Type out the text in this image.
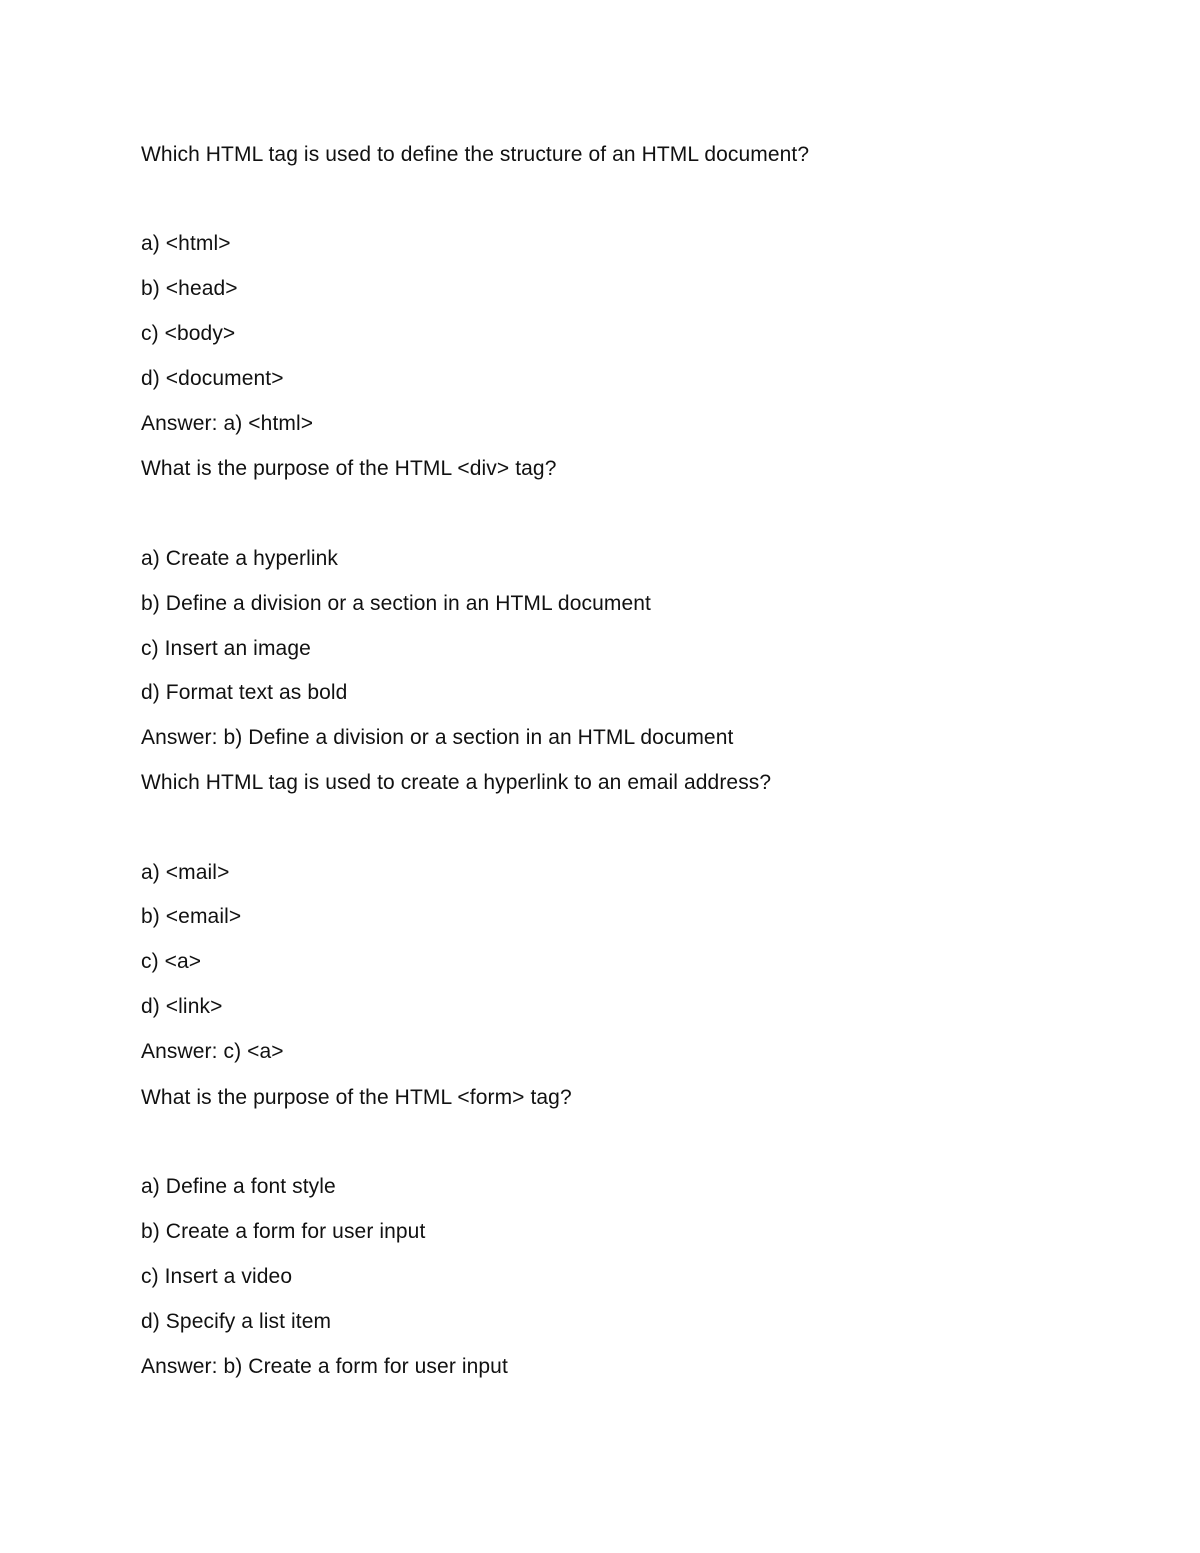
Which HTML tag is used to define the structure of an HTML document?
a) <html>
b) <head>
c) <body>
d) <document>
Answer: a) <html>
What is the purpose of the HTML <div> tag?
a) Create a hyperlink
b) Define a division or a section in an HTML document
c) Insert an image
d) Format text as bold
Answer: b) Define a division or a section in an HTML document
Which HTML tag is used to create a hyperlink to an email address?
a) <mail>
b) <email>
c) <a>
d) <link>
Answer: c) <a>
What is the purpose of the HTML <form> tag?
a) Define a font style
b) Create a form for user input
c) Insert a video
d) Specify a list item
Answer: b) Create a form for user input
